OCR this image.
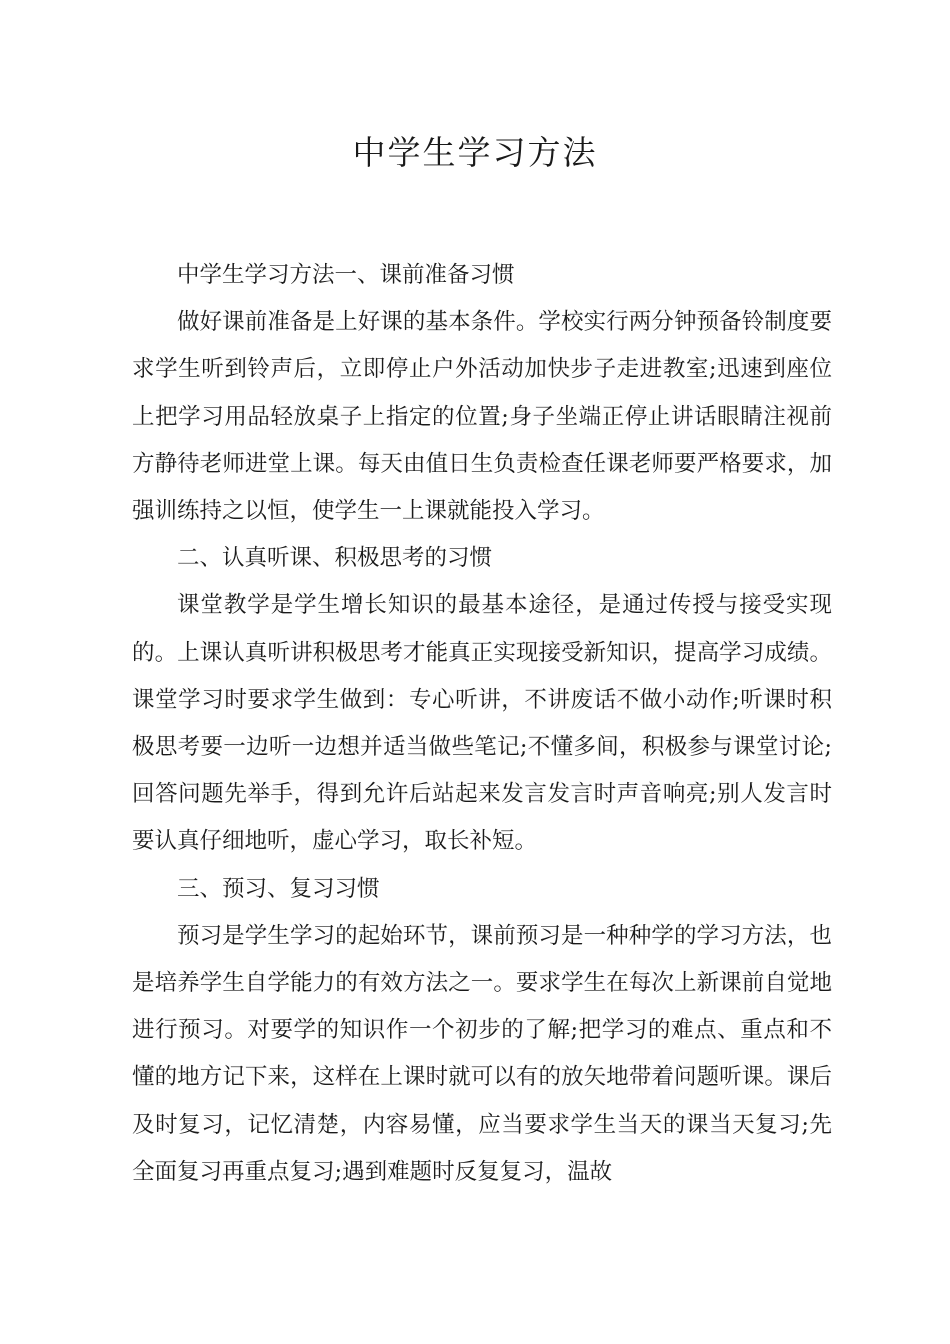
中学生学习方法

中学生学习方法一、课前准备习惯

做好课前准备是上好课的基本条件。学校实行两分钟预备铃制度要求学生听到铃声后，立即停止户外活动加快步子走进教室;迅速到座位上把学习用品轻放桌子上指定的位置;身子坐端正停止讲话眼睛注视前方静待老师进堂上课。每天由值日生负责检查任课老师要严格要求，加强训练持之以恒，使学生一上课就能投入学习。

二、认真听课、积极思考的习惯

课堂教学是学生增长知识的最基本途径，是通过传授与接受实现的。上课认真听讲积极思考才能真正实现接受新知识，提高学习成绩。课堂学习时要求学生做到：专心听讲，不讲废话不做小动作;听课时积极思考要一边听一边想并适当做些笔记;不懂多间，积极参与课堂讨论;回答问题先举手，得到允许后站起来发言发言时声音响亮;别人发言时要认真仔细地听，虚心学习，取长补短。

三、预习、复习习惯

预习是学生学习的起始环节，课前预习是一种种学的学习方法，也是培养学生自学能力的有效方法之一。要求学生在每次上新课前自觉地进行预习。对要学的知识作一个初步的了解;把学习的难点、重点和不懂的地方记下来，这样在上课时就可以有的放矢地带着问题听课。课后及时复习，记忆清楚，内容易懂，应当要求学生当天的课当天复习;先全面复习再重点复习;遇到难题时反复复习，温故
